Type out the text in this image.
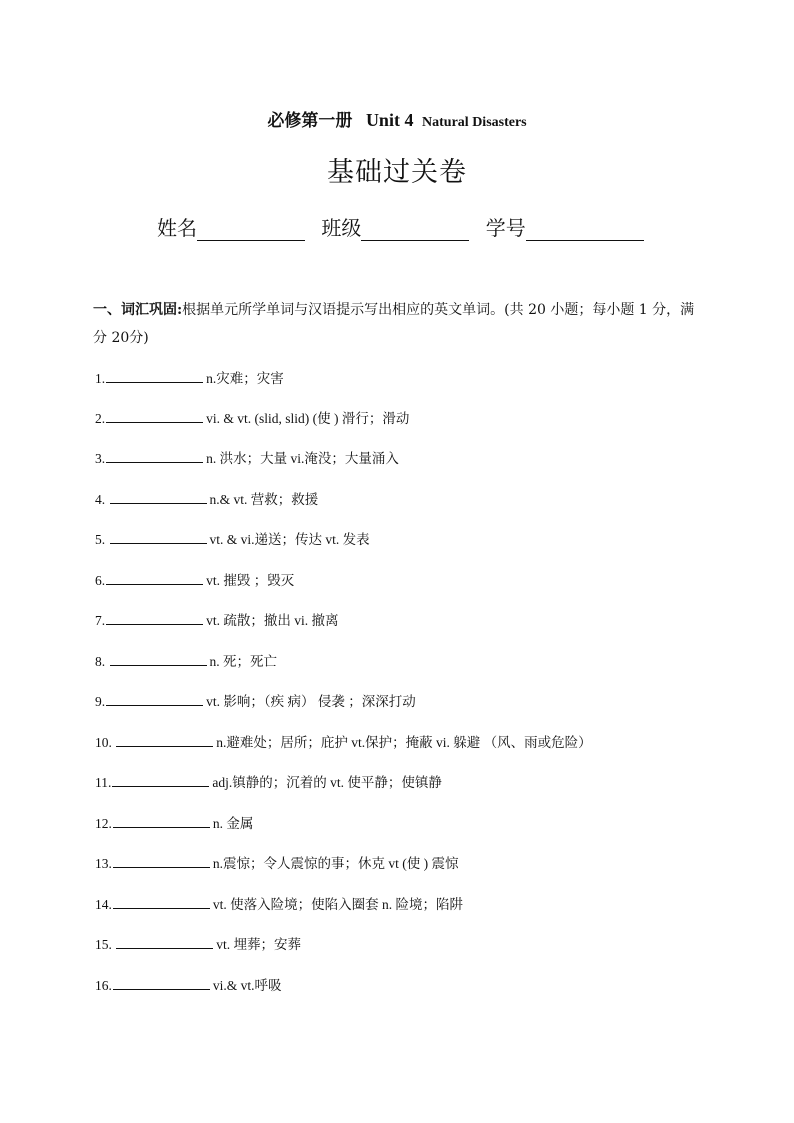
必修第一册 Unit 4 Natural Disasters
基础过关卷
姓名	班级	学号
一、词汇巩固:根据单元所学单词与汉语提示写出相应的英文单词。(共 20 小题；每小题 1 分，满分 20分)
1.	n.灾难；灾害
2.	vi. & vt. (slid, slid) (使 ) 滑行；滑动
3.	n. 洪水；大量 vi.淹没；大量涌入
4.	n.& vt. 营救；救援
5.	vt. & vi.递送；传达 vt. 发表
6.	vt. 摧毁 ；毁灭
7.	vt. 疏散；撤出 vi. 撤离
8.	n. 死；死亡
9.	vt. 影响；（疾 病） 侵袭 ；深深打动
10.	n.避难处；居所；庇护 vt.保护；掩蔽 vi. 躲避 （风、雨或危险）
11.	adj.镇静的；沉着的 vt. 使平静；使镇静
12.	n. 金属
13.	n.震惊；令人震惊的事；休克 vt (使 ) 震惊
14.	vt. 使落入险境；使陷入圈套 n. 险境；陷阱
15.	vt. 埋葬；安葬
16.	vi.& vt.呼吸
